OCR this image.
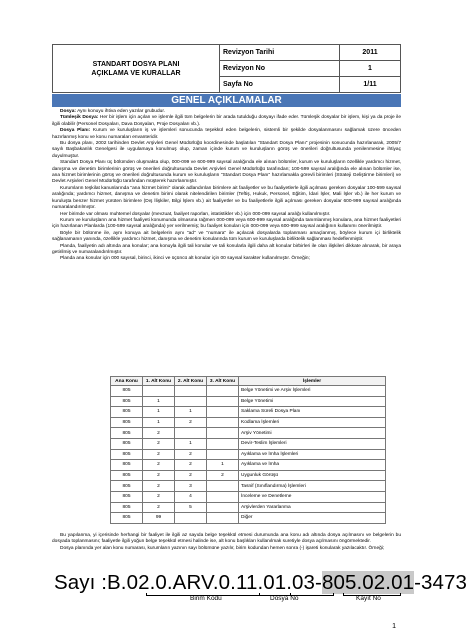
STANDART DOSYA PLANI
AÇIKLAMA VE KURALLAR	Revizyon Tarihi	2011
	Revizyon No	1
	Sayfa No	1/11
GENEL AÇIKLAMALAR

Dosya: Aynı konuyu ihtiva eden yazılar grubudur.

Tümleşik Dosya: Her bir işlem için açılan ve işlemle ilgili tüm belgelerin bir arada tutulduğu dosyayı ifade eder. Tümleşik dosyalar bir işlem, kişi ya da proje ile ilgili olabilir (Personel Dosyaları, Dava Dosyaları, Proje Dosyaları vb.).

Dosya Planı: Kurum ve kuruluşların iş ve işlemleri sonucunda teşekkül eden belgelerin, sistemli bir şekilde dosyalanmasını sağlamak üzere önceden hazırlanmış konu ve konu numaraları envanteridir.

Bu dosya planı, 2002 tarihinden Devlet Arşivleri Genel Müdürlüğü koordinesinde başlatılan "Standart Dosya Planı" projesinin sonucunda hazırlanarak, 2005/7 sayılı Başbakanlık Genelgesi ile uygulamaya konulmuş olup, zaman içinde kurum ve kuruluşların görüş ve önerileri doğrultusunda yenilenmesine ihtiyaç duyulmuştur.

Standart Dosya Planı üç bölümden oluşmakta olup, 000-099 ve 600-999 sayısal aralığında ele alınan bölümler, kurum ve kuruluşların özellikle yardımcı hizmet, danışma ve denetim birimlerinin görüş ve önerileri doğrultusunda Devlet Arşivleri Genel Müdürlüğü tarafından; 100-599 sayısal aralığında ele alınan bölümler ise, ana hizmet birimlerinin görüş ve önerileri doğrultusunda kurum ve kuruluşların "Standart Dosya Planı" hazırlamakla görevli birimleri (Strateji Geliştirme birimleri) ve Devlet Arşivleri Genel Müdürlüğü tarafından müşterek hazırlanmıştır.

Kurumların teşkilat kanunlarında "ana hizmet birimi" olarak adlandırılan birimlere ait faaliyetler ve bu faaliyetlerle ilgili açılması gereken dosyalar 100-599 sayısal aralığında; yardımcı hizmet, danışma ve denetim birimi olarak nitelendirilen birimler (Teftiş, Hukuk, Personel, Eğitim, İdari İşler, Mali İşler vb.) ile her kurum ve kuruluşta benzer hizmet yürüten birimlere (Dış İlişkiler, Bilgi İşlem vb.) ait faaliyetler ve bu faaliyetlerle ilgili açılması gereken dosyalar 600-999 sayısal aralığında numaralandırılmıştır.

Her birimde var olması muhtemel dosyalar (mevzuat, faaliyet raporları, istatistikler vb.) için 000-099 sayısal aralığı kullanılmıştır.

Kurum ve kuruluşların ana hizmet faaliyeti konumunda olmasına rağmen 000-099 veya 600-999 sayısal aralığında tanımlanmış konulara, ana hizmet faaliyetleri için hazırlanan Planlarda (100-599 sayısal aralığında) yer verilmemiş; bu faaliyet konuları için 000-099 veya 600-999 sayısal aralığının kullanımı önerilmiştir.

Böyle bir bölünme ile, aynı konuya ait belgelerin aynı "ad" ve "numara" ile açılacak dosyalarda toplanması amaçlanmış, böylece kurum içi birliktelik sağlanamanın yanında, özellikle yardımcı hizmet, danışma ve denetim konularında tüm kurum ve kuruluşlarda birliktelik sağlanması hedeflenmiştir.

Planda, faaliyetin adı altında ana konular; ana konuyla ilgili tali konular ve tali konularla ilgili daha alt konular birbirleri ile olan ilişkileri dikkate alınarak, bir araya getirilmiş ve numaralandırılmıştır.

Planda ana konular için 000 sayısal, birinci, ikinci ve üçüncü alt konular için 00 sayısal karakter kullanılmıştır. Örneğin;

Ana Konu	1. Alt Konu	2. Alt Konu	3. Alt Konu	İşlemler
805				Belge Yönetimi ve Arşiv İşlemleri
805	1			Belge Yönetimi
805	1	1		Saklama Süreli Dosya Planı
805	1	2		Kodlama İşlemleri
805	2			Arşiv Yönetimi
805	2	1		Devir-Teslim İşlemleri
805	2	2		Ayıklama ve İmha İşlemleri
805	2	2	1	Ayıklama ve İmha
805	2	2	2	Uygunluk Görüşü
805	2	3		Tasnif (Sınıflandırma) İşlemleri
805	2	4		İnceleme ve Denetleme
805	2	5		Arşivlerden Yararlanma
805	99			Diğer

Bu yapılanma, yi içerisinde herhangi bir faaliyet ile ilgili az sayıda belge teşekkül etmesi durumunda ana konu adı altında dosya açılmasını ve belgelerin bu dosyada toplanmasını; faaliyetle ilgili yoğun belge teşekkül etmesi halinde ise, alt konu başlıkları kullanılmak suretiyle dosya açılmasını öngörmektedir.

Dosya planında yer alan konu numarası, kurumların yazının sayı bölümüne yazılır, birim kodundan hemen sonra (-) işareti konularak yazılacaktır. Örneği;

Sayı :B.02.0.ARV.0.11.01.03-805.02.01-3473
Birim Kodu	Dosya No	Kayıt No
1
